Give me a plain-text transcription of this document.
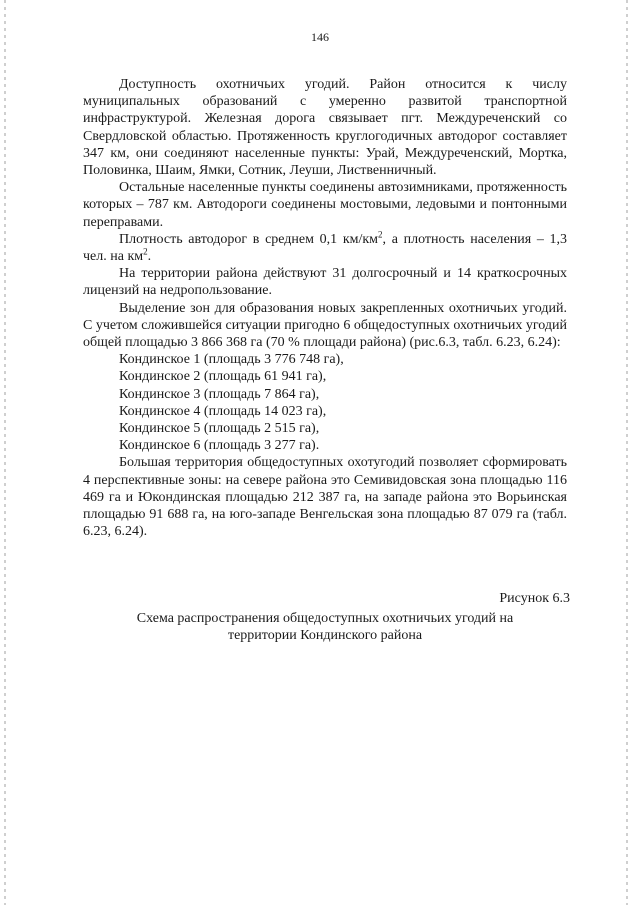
146

Доступность охотничьих угодий. Район относится к числу муниципальных образований с умеренно развитой транспортной инфраструктурой. Железная дорога связывает пгт. Междуреченский со Свердловской областью. Протяженность круглогодичных автодорог составляет 347 км, они соединяют населенные пункты: Урай, Междуреченский, Мортка, Половинка, Шаим, Ямки, Сотник, Леуши, Лиственничный.

Остальные населенные пункты соединены автозимниками, протяженность которых – 787 км. Автодороги соединены мостовыми, ледовыми и понтонными переправами.

Плотность автодорог в среднем 0,1 $км/км^2$, а плотность населения – 1,3 чел. на $км^2$.

На территории района действуют 31 долгосрочный и 14 краткосрочных лицензий на недропользование.

Выделение зон для образования новых закрепленных охотничьих угодий. С учетом сложившейся ситуации пригодно 6 общедоступных охотничьих угодий общей площадью 3 866 368 га (70 % площади района) (рис.6.3, табл. 6.23, 6.24):

Кондинское 1 (площадь 3 776 748 га),

Кондинское 2 (площадь 61 941 га),

Кондинское 3 (площадь 7 864 га),

Кондинское 4 (площадь 14 023 га),

Кондинское 5 (площадь 2 515 га),

Кондинское 6 (площадь 3 277 га).

Большая территория общедоступных охотугодий позволяет сформировать 4 перспективные зоны: на севере района это Семивидовская зона площадью 116 469 га и Юкондинская площадью 212 387 га, на западе района это Ворьинская площадью 91 688 га, на юго-западе Венгельская зона площадью 87 079 га (табл. 6.23, 6.24).

Рисунок 6.3
Схема распространения общедоступных охотничьих угодий на
территории Кондинского района
